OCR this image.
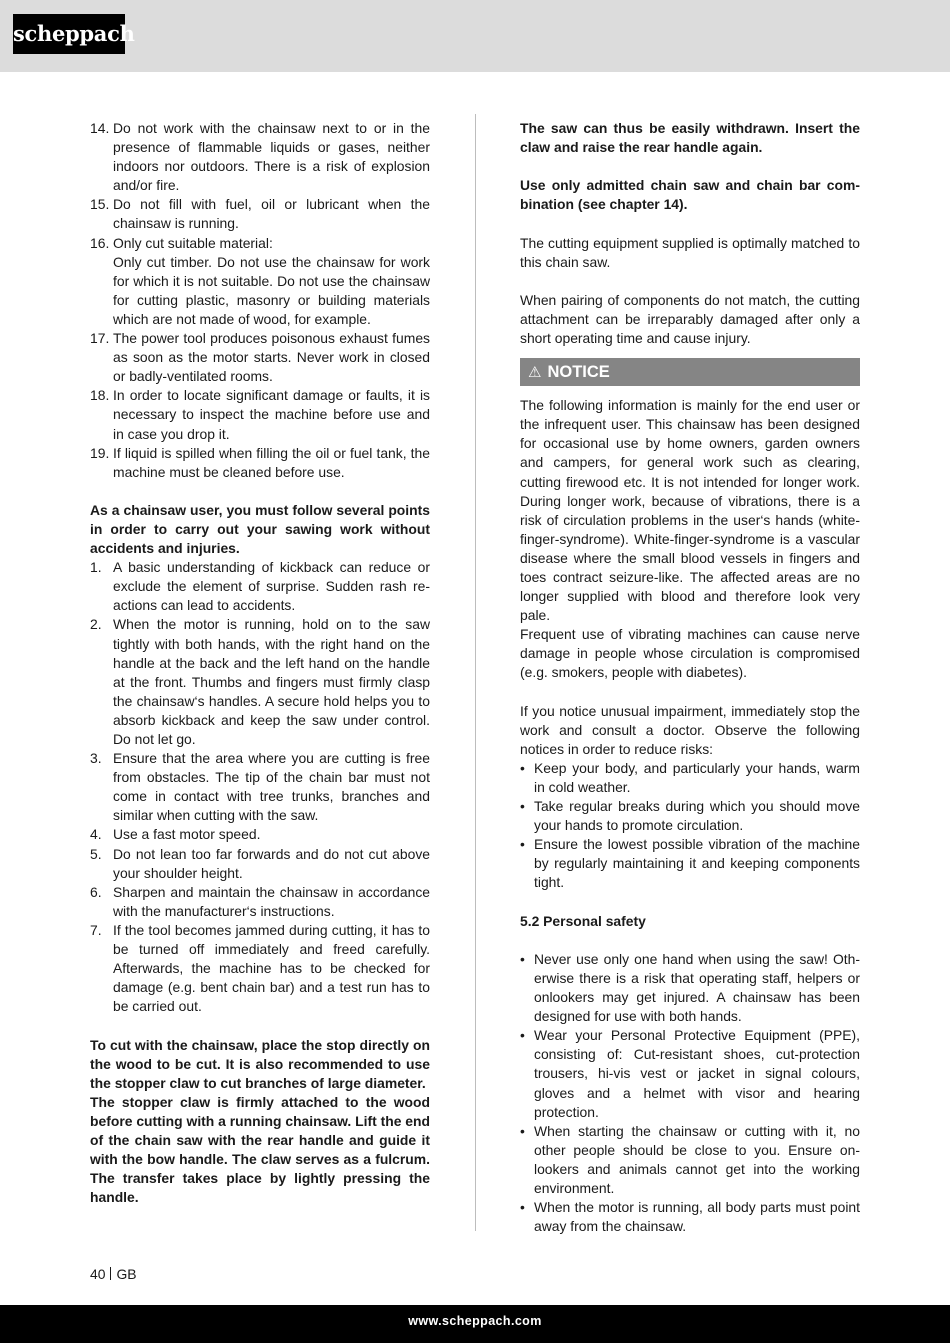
scheppach
14. Do not work with the chainsaw next to or in the presence of flammable liquids or gases, neither indoors nor outdoors. There is a risk of explosion and/or fire.
15. Do not fill with fuel, oil or lubricant when the chainsaw is running.
16. Only cut suitable material:
Only cut timber. Do not use the chainsaw for work for which it is not suitable. Do not use the chainsaw for cutting plastic, masonry or building materials which are not made of wood, for example.
17. The power tool produces poisonous exhaust fumes as soon as the motor starts. Never work in closed or badly-ventilated rooms.
18. In order to locate significant damage or faults, it is necessary to inspect the machine before use and in case you drop it.
19. If liquid is spilled when filling the oil or fuel tank, the machine must be cleaned before use.

As a chainsaw user, you must follow several points in order to carry out your sawing work without accidents and injuries.

1. A basic understanding of kickback can reduce or exclude the element of surprise. Sudden rash reactions can lead to accidents.
2. When the motor is running, hold on to the saw tightly with both hands, with the right hand on the handle at the back and the left hand on the handle at the front. Thumbs and fingers must firmly clasp the chainsaw‘s handles. A secure hold helps you to absorb kickback and keep the saw under control. Do not let go.
3. Ensure that the area where you are cutting is free from obstacles. The tip of the chain bar must not come in contact with tree trunks, branches and similar when cutting with the saw.
4. Use a fast motor speed.
5. Do not lean too far forwards and do not cut above your shoulder height.
6. Sharpen and maintain the chainsaw in accordance with the manufacturer‘s instructions.
7. If the tool becomes jammed during cutting, it has to be turned off immediately and freed carefully. Afterwards, the machine has to be checked for damage (e.g. bent chain bar) and a test run has to be carried out.

To cut with the chainsaw, place the stop directly on the wood to be cut. It is also recommended to use the stopper claw to cut branches of large diameter.

The stopper claw is firmly attached to the wood before cutting with a running chainsaw. Lift the end of the chain saw with the rear handle and guide it with the bow handle. The claw serves as a fulcrum. The transfer takes place by lightly pressing the handle.

The saw can thus be easily withdrawn. Insert the claw and raise the rear handle again.

Use only admitted chain saw and chain bar combination (see chapter 14).

The cutting equipment supplied is optimally matched to this chain saw.

When pairing of components do not match, the cutting attachment can be irreparably damaged after only a short operating time and cause injury.

⚠ NOTICE

The following information is mainly for the end user or the infrequent user. This chainsaw has been designed for occasional use by home owners, garden owners and campers, for general work such as clearing, cutting firewood etc. It is not intended for longer work. During longer work, because of vibrations, there is a risk of circulation problems in the user‘s hands (white-finger-syndrome). White-finger-syndrome is a vascular disease where the small blood vessels in fingers and toes contract seizure-like. The affected areas are no longer supplied with blood and therefore look very pale.

Frequent use of vibrating machines can cause nerve damage in people whose circulation is compromised (e.g. smokers, people with diabetes).

If you notice unusual impairment, immediately stop the work and consult a doctor. Observe the following notices in order to reduce risks:

• Keep your body, and particularly your hands, warm in cold weather.
• Take regular breaks during which you should move your hands to promote circulation.
• Ensure the lowest possible vibration of the machine by regularly maintaining it and keeping components tight.

5.2 Personal safety

• Never use only one hand when using the saw! Otherwise there is a risk that operating staff, helpers or onlookers may get injured. A chainsaw has been designed for use with both hands.
• Wear your Personal Protective Equipment (PPE), consisting of: Cut-resistant shoes, cut-protection trousers, hi-vis vest or jacket in signal colours, gloves and a helmet with visor and hearing protection.
• When starting the chainsaw or cutting with it, no other people should be close to you. Ensure onlookers and animals cannot get into the working environment.
• When the motor is running, all body parts must point away from the chainsaw.
40 GB
www.scheppach.com
